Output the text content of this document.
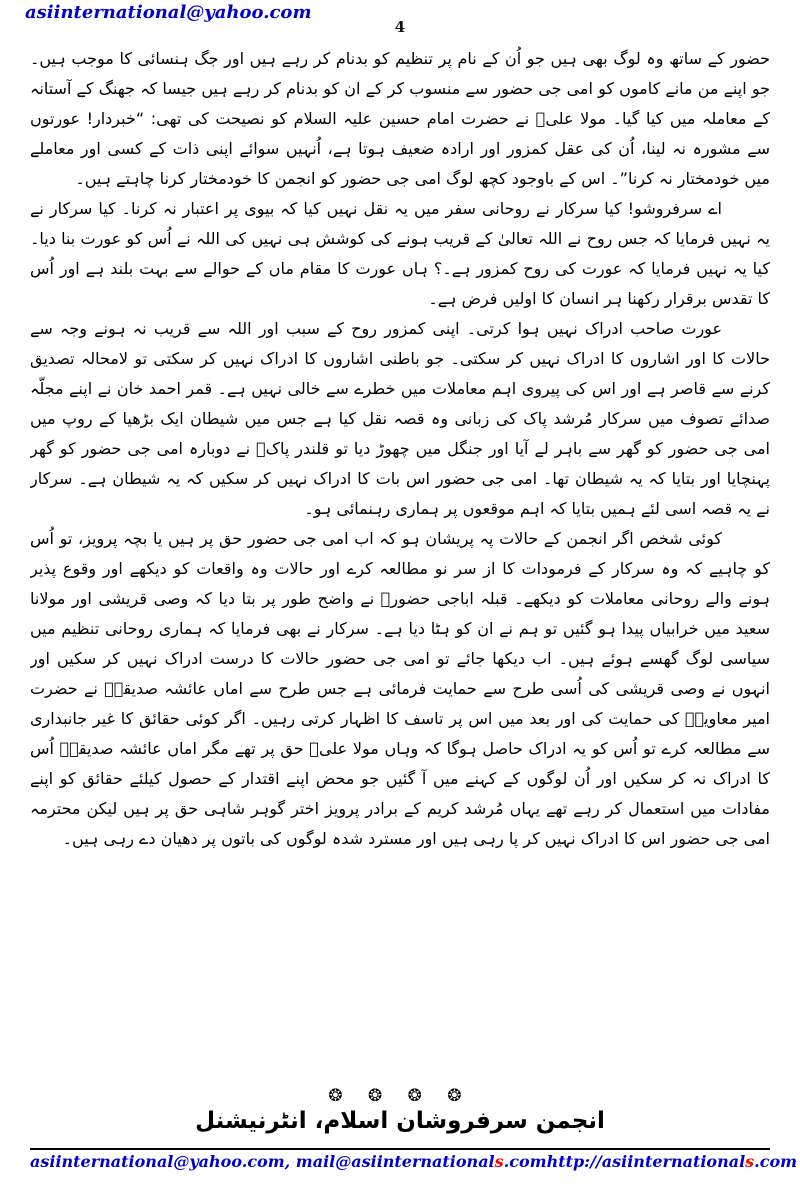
asiinternational@yahoo.com
4

حضور کے ساتھ وہ لوگ بھی ہیں جو اُن کے نام پر تنظیم کو بدنام کر رہے ہیں اور جگ ہنسائی کا موجب ہیں۔ جو اپنے من مانے کاموں کو امی جی حضور سے منسوب کر کے ان کو بدنام کر رہے ہیں جیسا کہ جھنگ کے آستانہ کے معاملہ میں کیا گیا۔ مولا علیؑ نے حضرت امام حسین علیہ السلام کو نصیحت کی تھی: “خبردار! عورتوں سے مشورہ نہ لینا، اُن کی عقل کمزور اور ارادہ ضعیف ہوتا ہے، اُنہیں سوائے اپنی ذات کے کسی اور معاملے میں خودمختار نہ کرنا”۔ اس کے باوجود کچھ لوگ امی جی حضور کو انجمن کا خودمختار کرنا چاہتے ہیں۔

اے سرفروشو! کیا سرکار نے روحانی سفر میں یہ نقل نہیں کیا کہ بیوی پر اعتبار نہ کرنا۔ کیا سرکار نے یہ نہیں فرمایا کہ جس روح نے اللہ تعالیٰ کے قریب ہونے کی کوشش ہی نہیں کی اللہ نے اُس کو عورت بنا دیا۔ کیا یہ نہیں فرمایا کہ عورت کی روح کمزور ہے۔؟ ہاں عورت کا مقام ماں کے حوالے سے بہت بلند ہے اور اُس کا تقدس برقرار رکھنا ہر انسان کا اولیں فرض ہے۔

عورت صاحب ادراک نہیں ہوا کرتی۔ اپنی کمزور روح کے سبب اور اللہ سے قریب نہ ہونے وجہ سے حالات کا اور اشاروں کا ادراک نہیں کر سکتی۔ جو باطنی اشاروں کا ادراک نہیں کر سکتی تو لامحالہ تصدیق کرنے سے قاصر ہے اور اس کی پیروی اہم معاملات میں خطرے سے خالی نہیں ہے۔ قمر احمد خان نے اپنے مجلّہ صدائے تصوف میں سرکار مُرشد پاک کی زبانی وہ قصہ نقل کیا ہے جس میں شیطان ایک بڑھیا کے روپ میں امی جی حضور کو گھر سے باہر لے آیا اور جنگل میں چھوڑ دیا تو قلندر پاکؒ نے دوبارہ امی جی حضور کو گھر پہنچایا اور بتایا کہ یہ شیطان تھا۔ امی جی حضور اس بات کا ادراک نہیں کر سکیں کہ یہ شیطان ہے۔ سرکار نے یہ قصہ اسی لئے ہمیں بتایا کہ اہم موقعوں پر ہماری رہنمائی ہو۔

کوئی شخص اگر انجمن کے حالات پہ پریشان ہو کہ اب امی جی حضور حق پر ہیں یا بچہ پرویز، تو اُس کو چاہیے کہ وہ سرکار کے فرمودات کا از سر نو مطالعہ کرے اور حالات وہ واقعات کو دیکھے اور وقوع پذیر ہونے والے روحانی معاملات کو دیکھے۔ قبلہ اباجی حضورؒ نے واضح طور پر بتا دیا کہ وصی قریشی اور مولانا سعید میں خرابیاں پیدا ہو گئیں تو ہم نے ان کو ہٹا دیا ہے۔ سرکار نے بھی فرمایا کہ ہماری روحانی تنظیم میں سیاسی لوگ گھسے ہوئے ہیں۔ اب دیکھا جائے تو امی جی حضور حالات کا درست ادراک نہیں کر سکیں اور انہوں نے وصی قریشی کی اُسی طرح سے حمایت فرمائی ہے جس طرح سے اماں عائشہ صدیقہؓ نے حضرت امیر معاویہؓ کی حمایت کی اور بعد میں اس پر تاسف کا اظہار کرتی رہیں۔ اگر کوئی حقائق کا غیر جانبداری سے مطالعہ کرے تو اُس کو یہ ادراک حاصل ہوگا کہ وہاں مولا علیؑ حق پر تھے مگر اماں عائشہ صدیقہؓ اُس کا ادراک نہ کر سکیں اور اُن لوگوں کے کہنے میں آ گئیں جو محض اپنے اقتدار کے حصول کیلئے حقائق کو اپنے مفادات میں استعمال کر رہے تھے یہاں مُرشد کریم کے برادر پرویز اختر گوہر شاہی حق پر ہیں لیکن محترمہ امی جی حضور اس کا ادراک نہیں کر پا رہی ہیں اور مسترد شدہ لوگوں کی باتوں پر دھیان دے رہی ہیں۔

❂ ❂ ❂ ❂
انجمن سرفروشان اسلام، انٹرنیشنل
asiinternational@yahoo.com, mail@asiinternationals.com http://asiinternationals.com
